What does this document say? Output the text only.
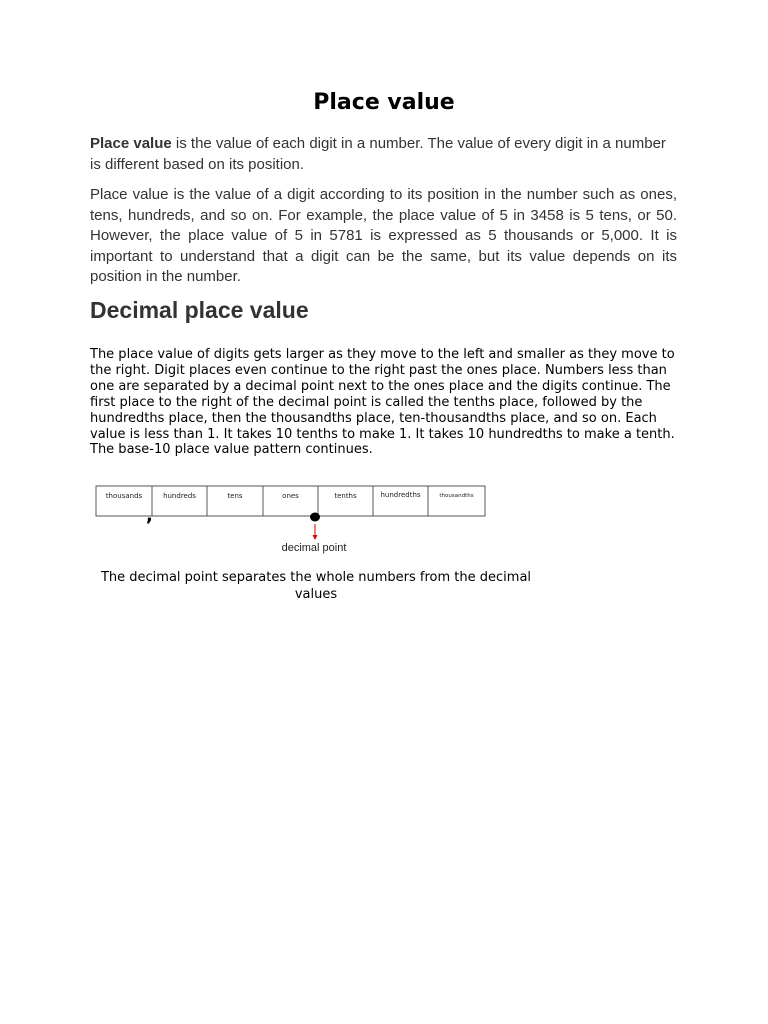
Place value

Place value is the value of each digit in a number. The value of every digit in a number is different based on its position.

Place value is the value of a digit according to its position in the number such as ones, tens, hundreds, and so on. For example, the place value of 5 in 3458 is 5 tens, or 50. However, the place value of 5 in 5781 is expressed as 5 thousands or 5,000. It is important to understand that a digit can be the same, but its value depends on its position in the number.

Decimal place value

The place value of digits gets larger as they move to the left and smaller as they move to the right. Digit places even continue to the right past the ones place. Numbers less than one are separated by a decimal point next to the ones place and the digits continue. The first place to the right of the decimal point is called the tenths place, followed by the hundredths place, then the thousandths place, ten-thousandths place, and so on. Each value is less than 1. It takes 10 tenths to make 1. It takes 10 hundredths to make a tenth. The base-10 place value pattern continues.

thousands	hundreds	tens	ones	tenths	hundredths	thousandths
,
decimal point

The decimal point separates the whole numbers from the decimal values
